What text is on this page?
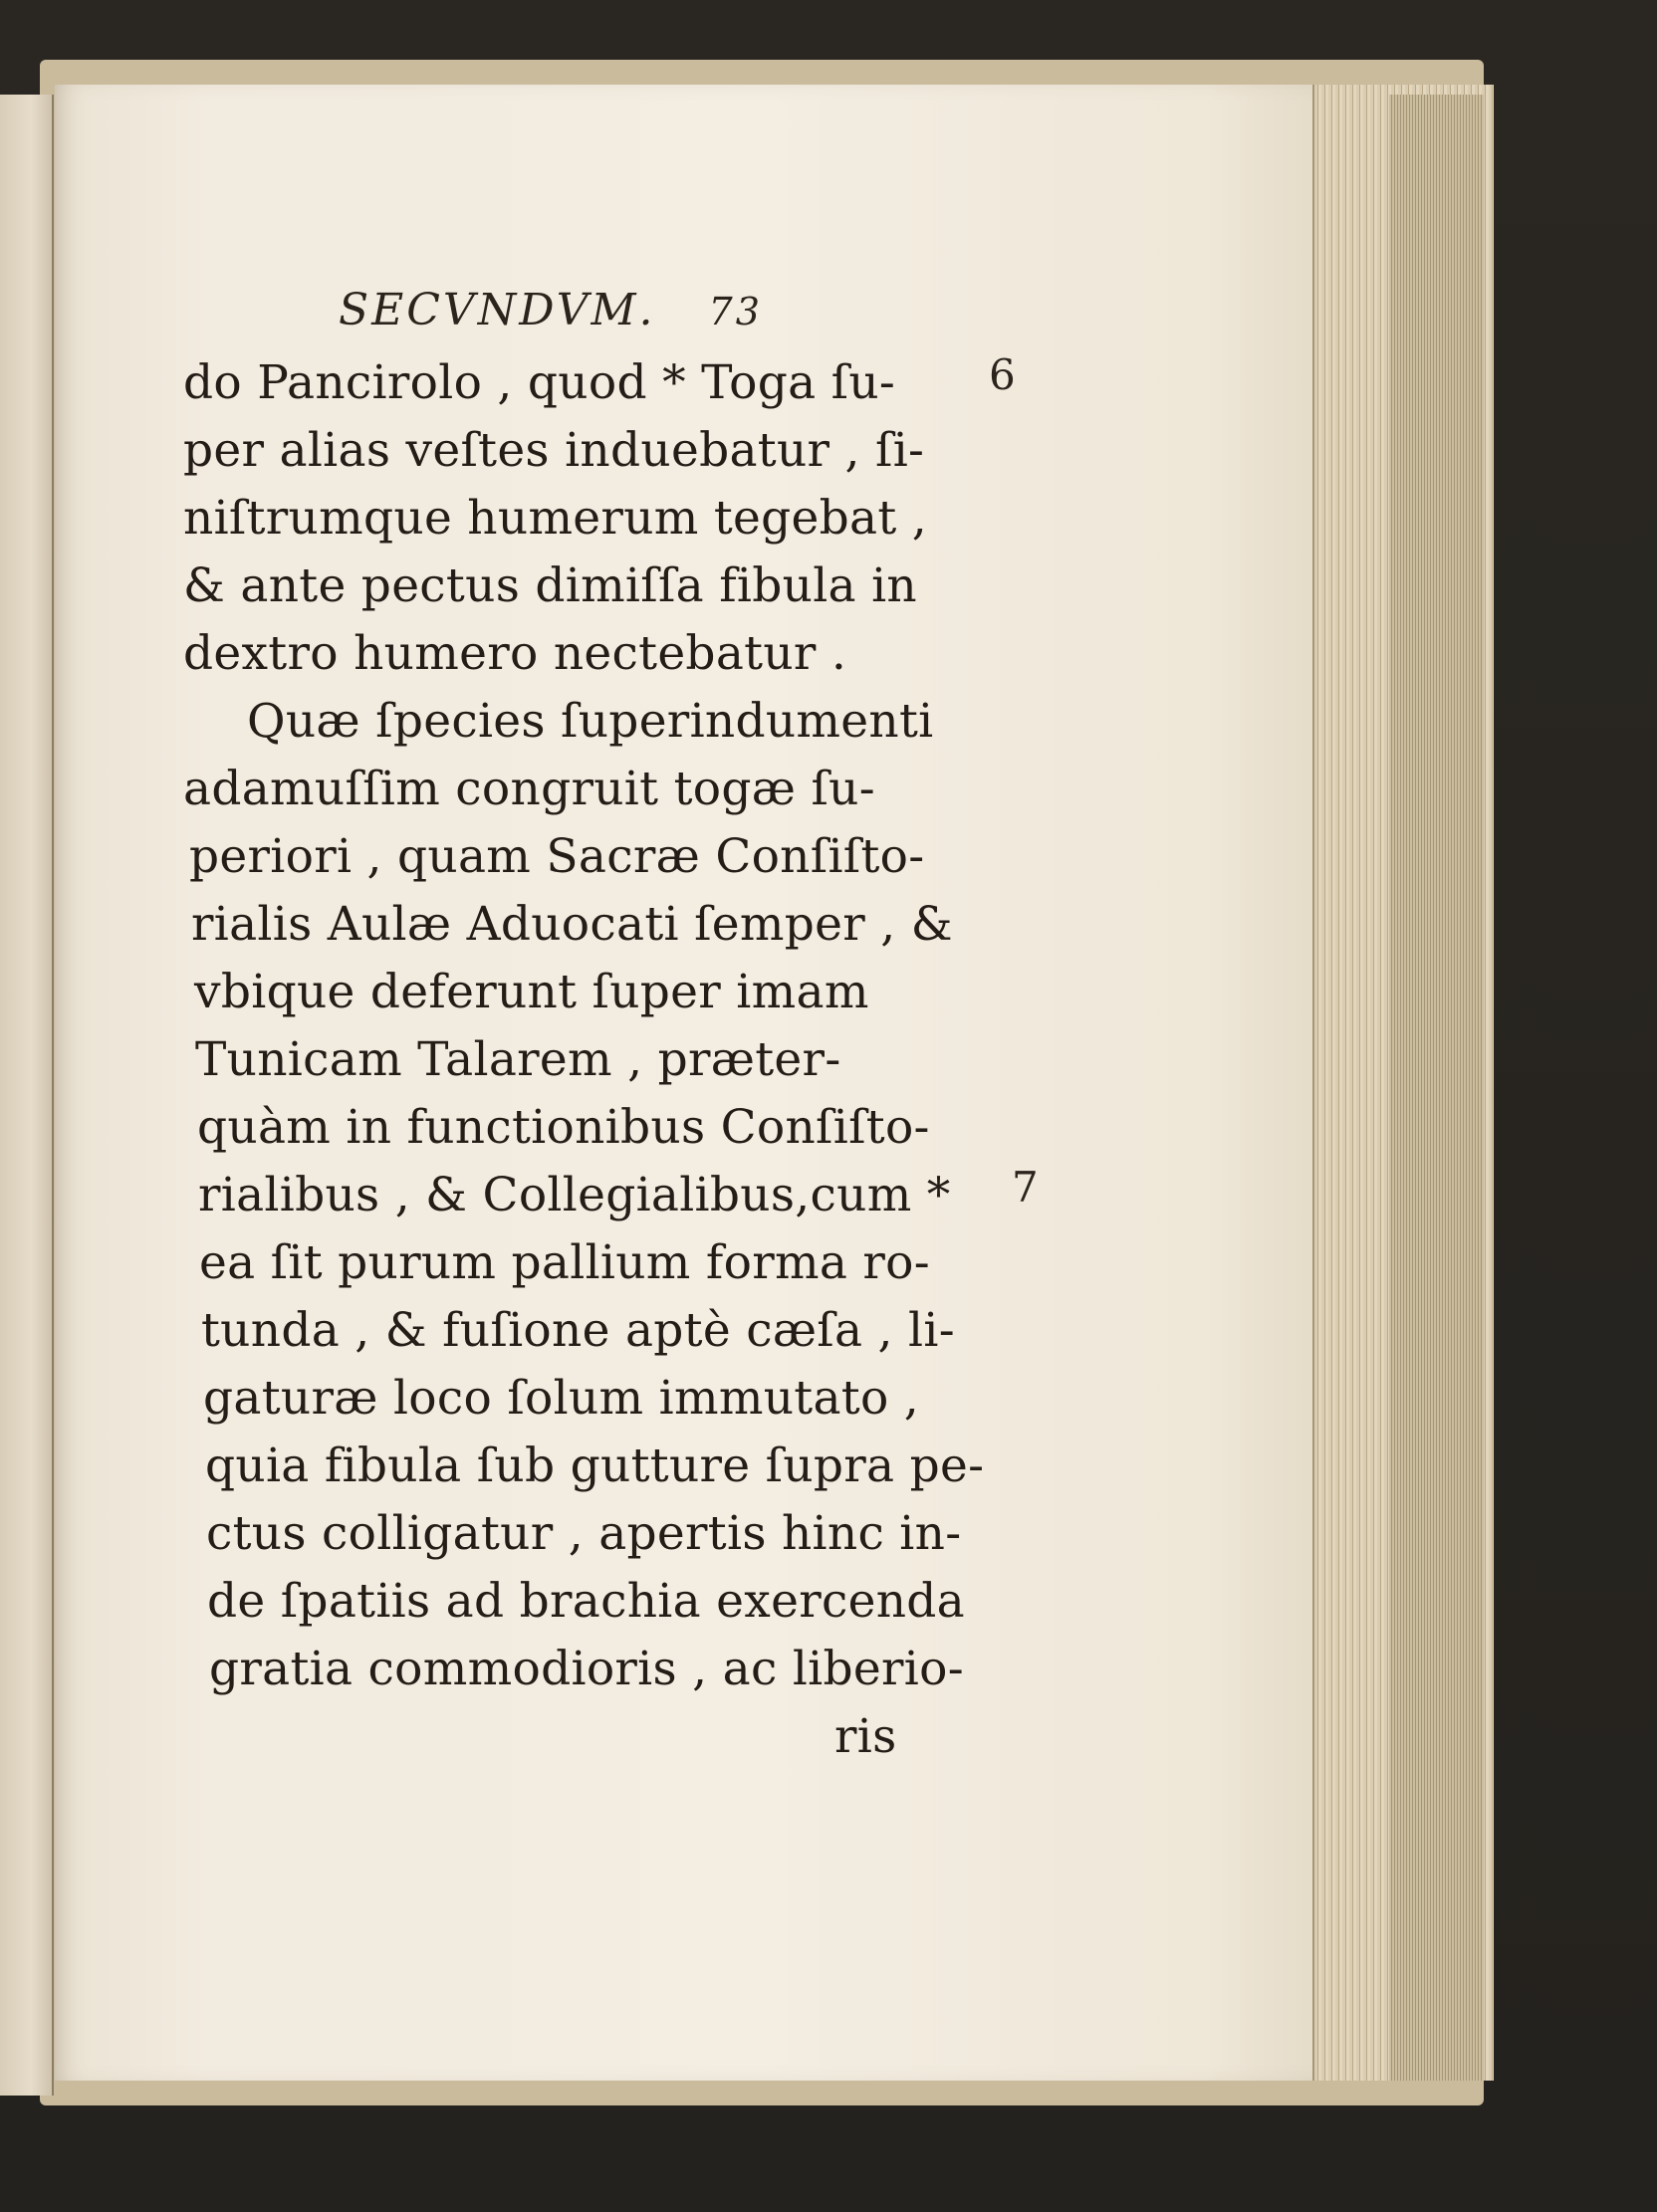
SECVNDVM. 73
do Pancirolo , quod * Toga ſu-
per alias veſtes induebatur , ſi-
niſtrumque humerum tegebat ,
& ante pectus dimiſſa fibula in
dextro humero nectebatur .
Quæ ſpecies ſuperindumenti
adamuſſim congruit togæ ſu-
periori , quam Sacræ Conſiſto-
rialis Aulæ Aduocati ſemper , &
vbique deferunt ſuper imam
Tunicam Talarem , præter-
quàm in functionibus Conſiſto-
rialibus , & Collegialibus,cum *
ea ſit purum pallium forma ro-
tunda , & fuſione aptè cæſa , li-
gaturæ loco ſolum immutato ,
quia fibula ſub gutture ſupra pe-
ctus colligatur , apertis hinc in-
de ſpatiis ad brachia exercenda
gratia commodioris , ac liberio-
ris
6
7
